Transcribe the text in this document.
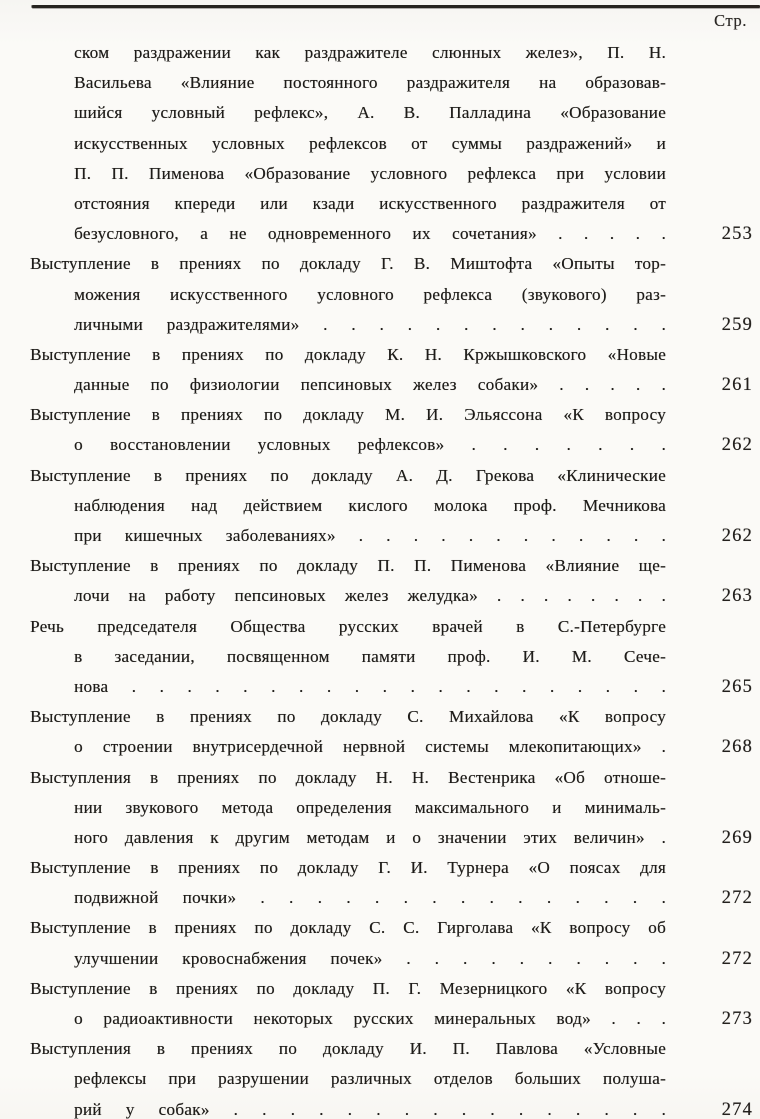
Стр.
ском раздражении как раздражителе слюнных желез», П. Н.
Васильева «Влияние постоянного раздражителя на образовав-
шийся условный рефлекс», А. В. Палладина «Образование
искусственных условных рефлексов от суммы раздражений» и
П. П. Пименова «Образование условного рефлекса при условии
отстояния кпереди или кзади искусственного раздражителя от
безусловного, а не одновременного их сочетания» . . . . .	253
Выступление в прениях по докладу Г. В. Миштофта «Опыты тор-
можения искусственного условного рефлекса (звукового) раз-
личными раздражителями» . . . . . . . . . . . . .	259
Выступление в прениях по докладу К. Н. Кржышковского «Новые
данные по физиологии пепсиновых желез собаки» . . . . .	261
Выступление в прениях по докладу М. И. Эльяссона «К вопросу
о восстановлении условных рефлексов» . . . . . . .	262
Выступление в прениях по докладу А. Д. Грекова «Клинические
наблюдения над действием кислого молока проф. Мечникова
при кишечных заболеваниях» . . . . . . . . . . . .	262
Выступление в прениях по докладу П. П. Пименова «Влияние ще-
лочи на работу пепсиновых желез желудка» . . . . . . . .	263
Речь председателя Общества русских врачей в С.-Петербурге
в заседании, посвященном памяти проф. И. М. Сече-
нова . . . . . . . . . . . . . . . . . . . .	265
Выступление в прениях по докладу С. Михайлова «К вопросу
о строении внутрисердечной нервной системы млекопитающих» .	268
Выступления в прениях по докладу Н. Н. Вестенрика «Об отноше-
нии звукового метода определения максимального и минималь-
ного давления к другим методам и о значении этих величин» .	269
Выступление в прениях по докладу Г. И. Турнера «О поясах для
подвижной почки» . . . . . . . . . . . . . . .	272
Выступление в прениях по докладу С. С. Гирголава «К вопросу об
улучшении кровоснабжения почек» . . . . . . . . . .	272
Выступление в прениях по докладу П. Г. Мезерницкого «К вопросу
о радиоактивности некоторых русских минеральных вод» . . .	273
Выступления в прениях по докладу И. П. Павлова «Условные
рефлексы при разрушении различных отделов больших полуша-
рий у собак» . . . . . . . . . . . . . . . .	274
